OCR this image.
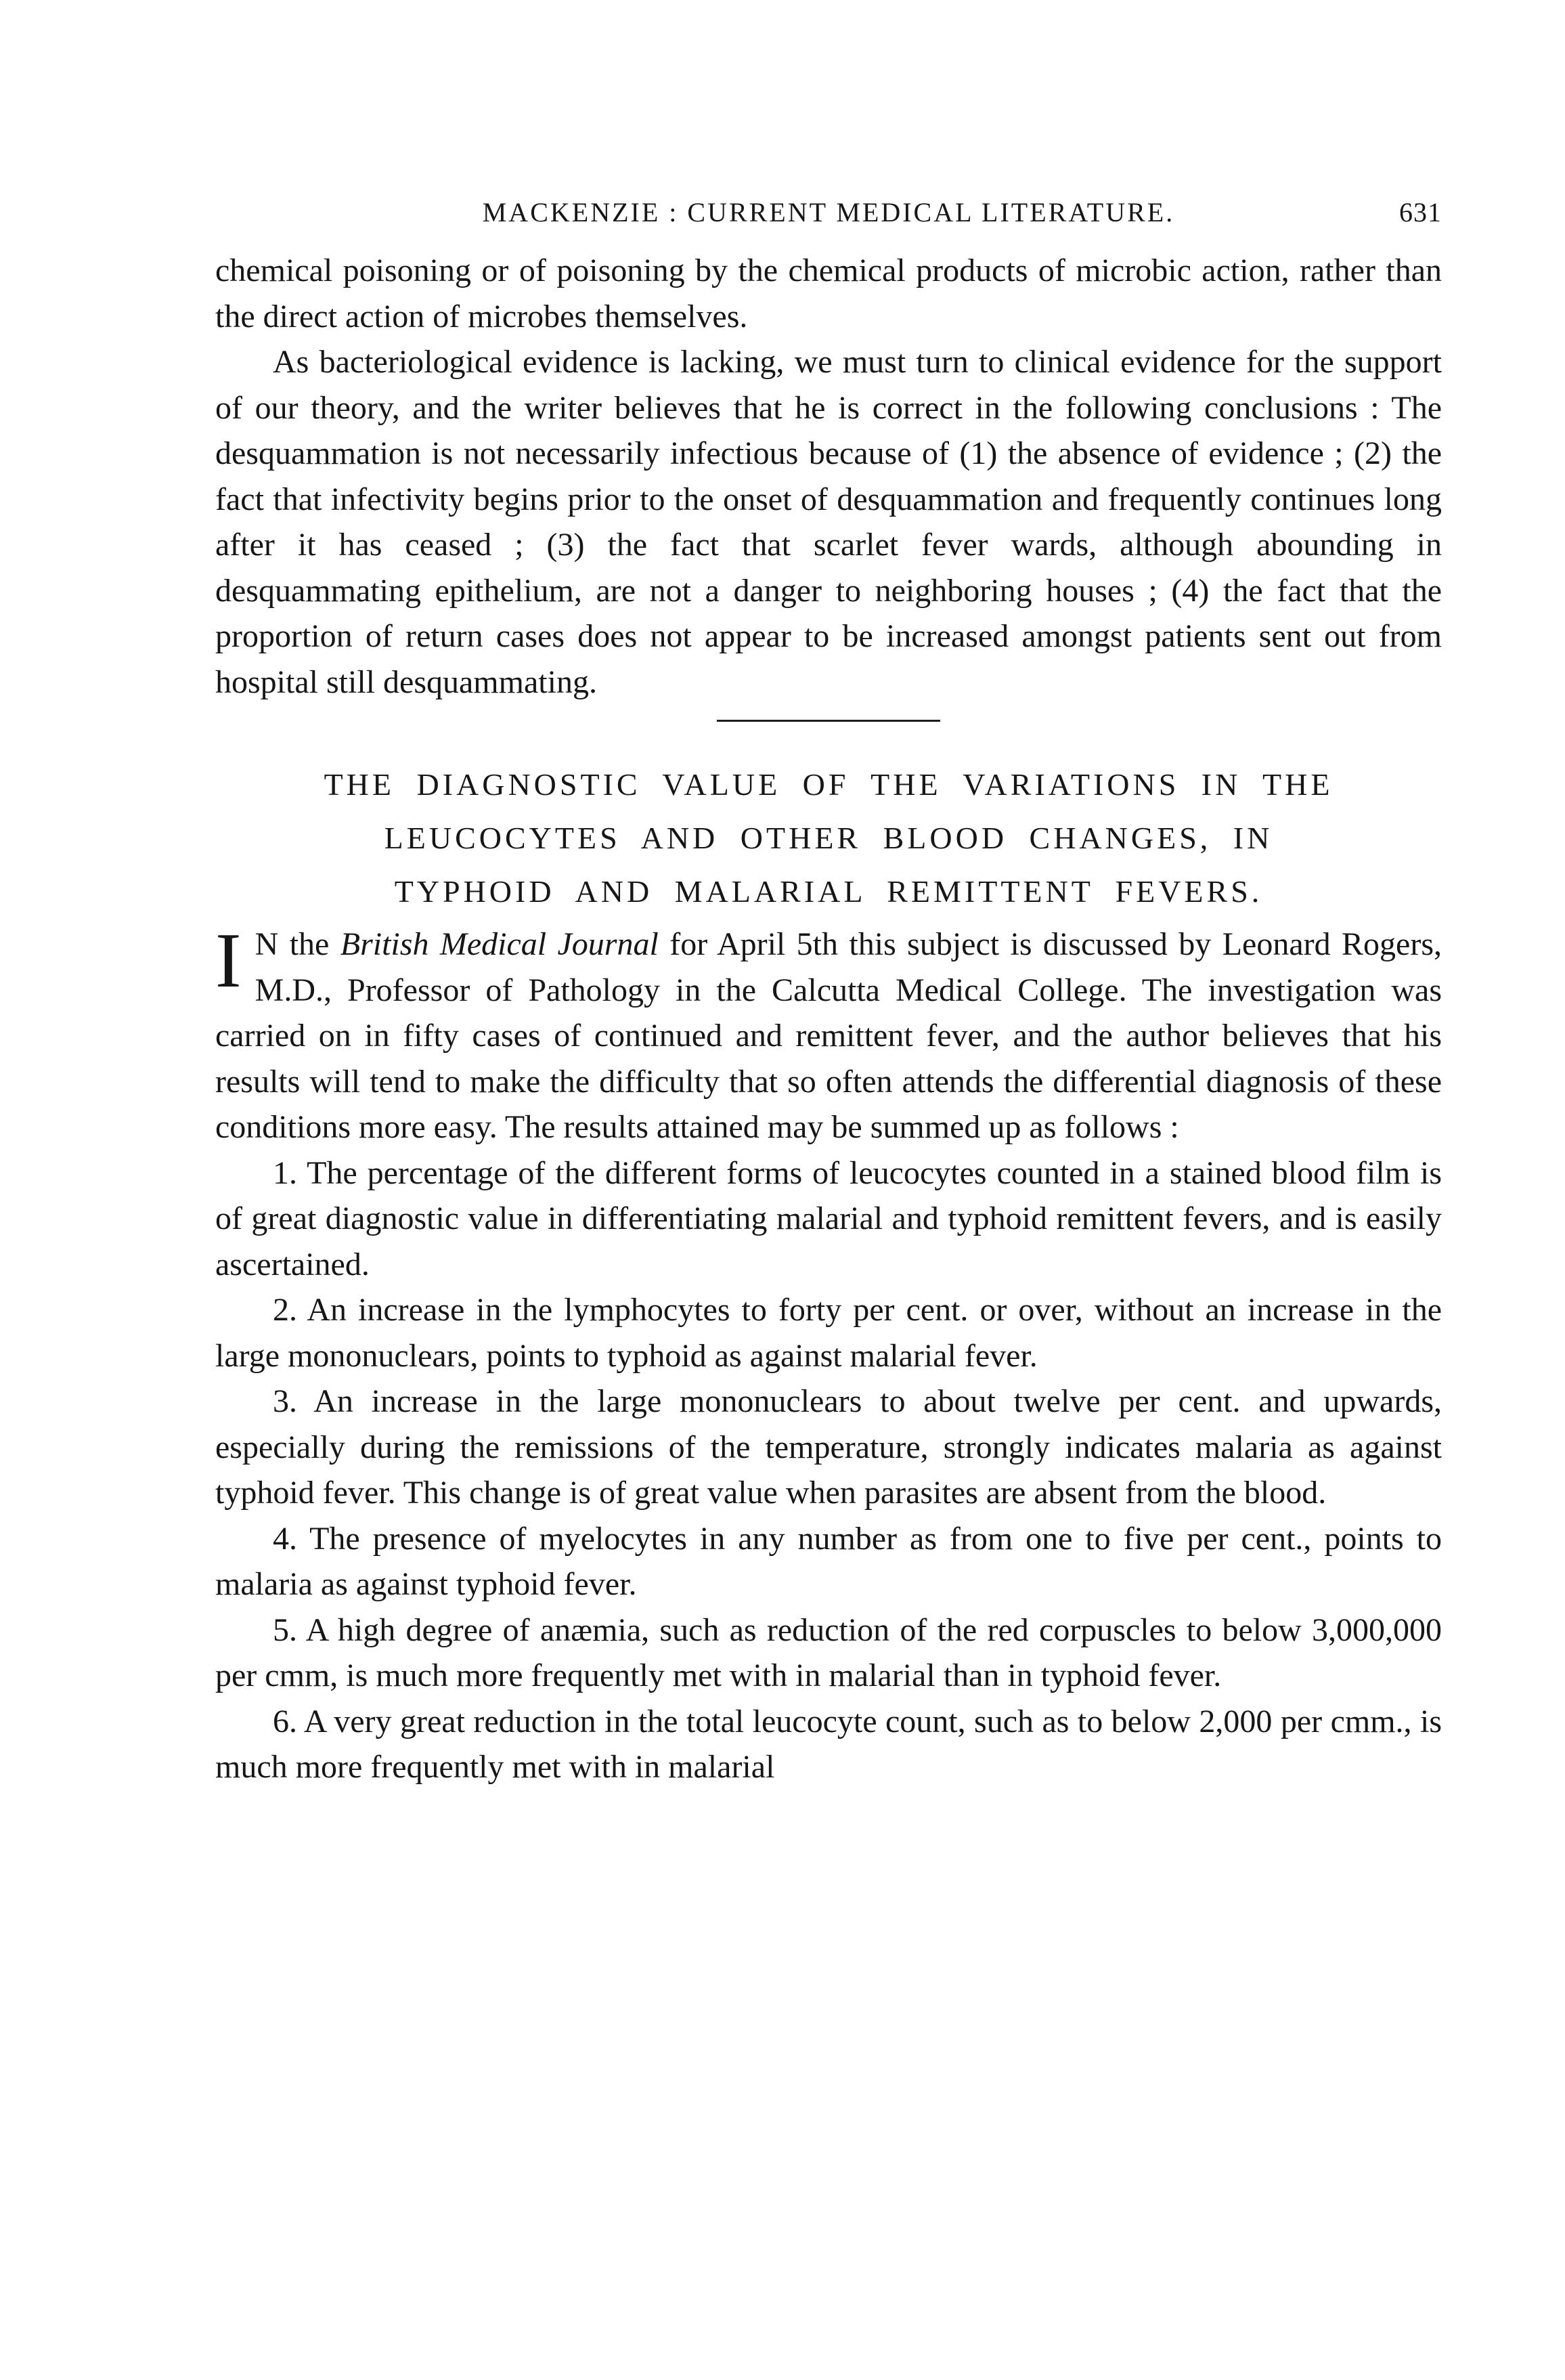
MACKENZIE : CURRENT MEDICAL LITERATURE.	631

chemical poisoning or of poisoning by the chemical products of microbic action, rather than the direct action of microbes themselves.

As bacteriological evidence is lacking, we must turn to clinical evidence for the support of our theory, and the writer believes that he is correct in the following conclusions : The desquammation is not necessarily infectious because of (1) the absence of evidence ; (2) the fact that infectivity begins prior to the onset of desquammation and frequently continues long after it has ceased ; (3) the fact that scarlet fever wards, although abounding in desquammating epithelium, are not a danger to neighboring houses ; (4) the fact that the proportion of return cases does not appear to be increased amongst patients sent out from hospital still desquammating.

THE DIAGNOSTIC VALUE OF THE VARIATIONS IN THE

LEUCOCYTES AND OTHER BLOOD CHANGES, IN

TYPHOID AND MALARIAL REMITTENT FEVERS.

I N the British Medical Journal for April 5th this subject is discussed by Leonard Rogers, M.D., Professor of Pathology in the Calcutta Medical College. The investigation was carried on in fifty cases of continued and remittent fever, and the author believes that his results will tend to make the difficulty that so often attends the differential diagnosis of these conditions more easy. The results attained may be summed up as follows :

1. The percentage of the different forms of leucocytes counted in a stained blood film is of great diagnostic value in differentiating malarial and typhoid remittent fevers, and is easily ascertained.

2. An increase in the lymphocytes to forty per cent. or over, without an increase in the large mononuclears, points to typhoid as against malarial fever.

3. An increase in the large mononuclears to about twelve per cent. and upwards, especially during the remissions of the temperature, strongly indicates malaria as against typhoid fever. This change is of great value when parasites are absent from the blood.

4. The presence of myelocytes in any number as from one to five per cent., points to malaria as against typhoid fever.

5. A high degree of anæmia, such as reduction of the red corpuscles to below 3,000,000 per cmm, is much more frequently met with in malarial than in typhoid fever.

6. A very great reduction in the total leucocyte count, such as to below 2,000 per cmm., is much more frequently met with in malarial
